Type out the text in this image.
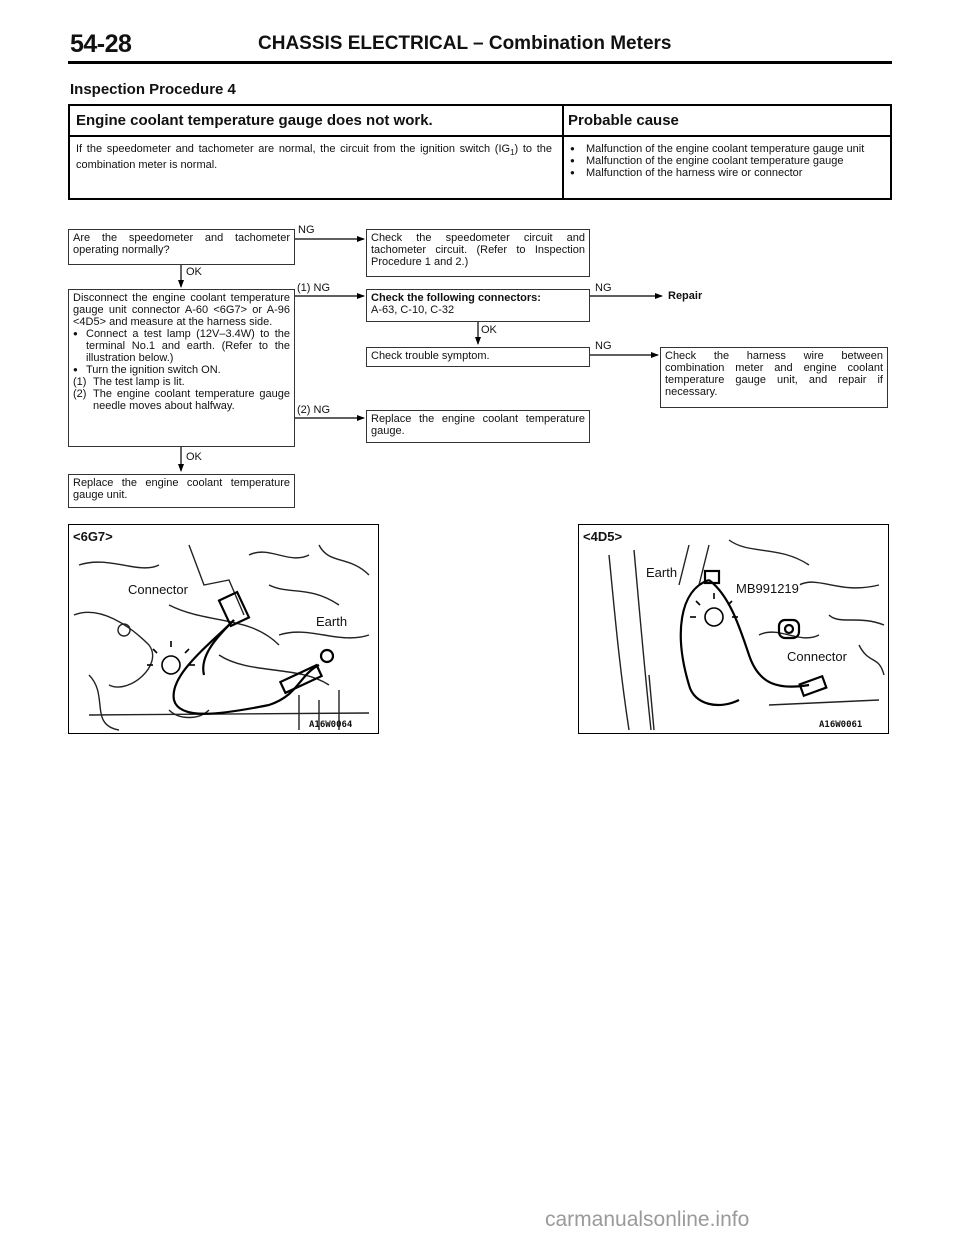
54-28	CHASSIS ELECTRICAL – Combination Meters
Inspection Procedure 4
Engine coolant temperature gauge does not work.	Probable cause
If the speedometer and tachometer are normal, the circuit from the ignition switch $(IG_1)$ to the combination meter is normal.
● Malfunction of the engine coolant temperature gauge unit
● Malfunction of the engine coolant temperature gauge
● Malfunction of the harness wire or connector
NG
OK
(1) NG	NG
OK
NG
(2) NG
OK
Are the speedometer and tachometer operating normally?
Check the speedometer circuit and tachometer circuit. (Refer to Inspection Procedure 1 and 2.)
Disconnect the engine coolant temperature gauge unit connector A-60 <6G7> or A-96 <4D5> and measure at the harness side.
● Connect a test lamp (12V–3.4W) to the terminal No.1 and earth. (Refer to the illustration below.)
● Turn the ignition switch ON.
(1) The test lamp is lit.
(2) The engine coolant temperature gauge needle moves about halfway.
Check the following connectors:
A-63, C-10, C-32
Repair
Check trouble symptom.	Check the harness wire between combination meter and engine coolant temperature gauge unit, and repair if necessary.
Replace the engine coolant temperature gauge.
Replace the engine coolant temperature gauge unit.
<6G7>
Connector
Earth
A16W0064
<4D5>
Earth
MB991219
Connector
A16W0061
carmanualsonline.info
